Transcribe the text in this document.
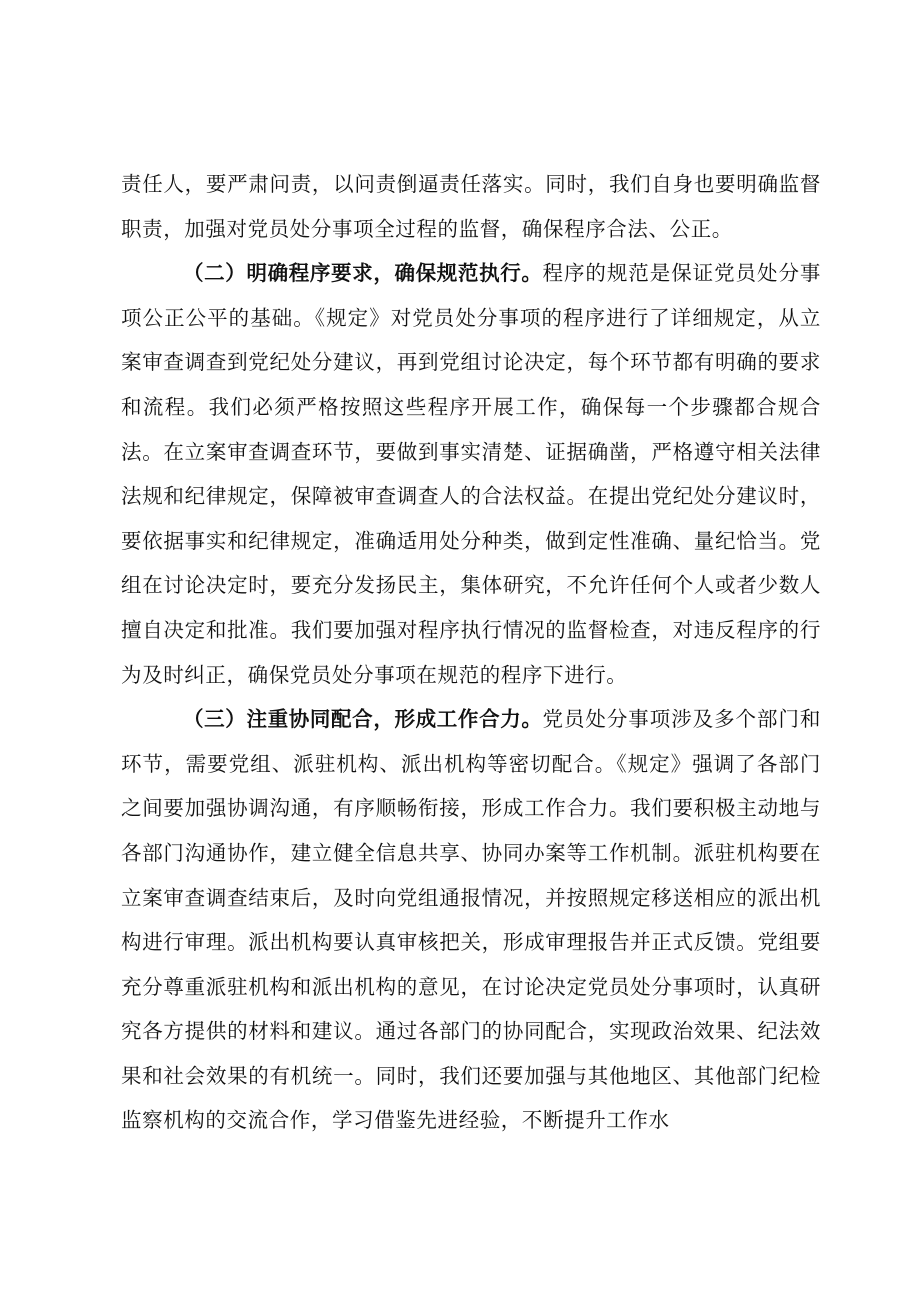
责任人，要严肃问责，以问责倒逼责任落实。同时，我们自身也要明确监督职责，加强对党员处分事项全过程的监督，确保程序合法、公正。

（二）明确程序要求，确保规范执行。程序的规范是保证党员处分事项公正公平的基础。《规定》对党员处分事项的程序进行了详细规定，从立案审查调查到党纪处分建议，再到党组讨论决定，每个环节都有明确的要求和流程。我们必须严格按照这些程序开展工作，确保每一个步骤都合规合法。在立案审查调查环节，要做到事实清楚、证据确凿，严格遵守相关法律法规和纪律规定，保障被审查调查人的合法权益。在提出党纪处分建议时，要依据事实和纪律规定，准确适用处分种类，做到定性准确、量纪恰当。党组在讨论决定时，要充分发扬民主，集体研究，不允许任何个人或者少数人擅自决定和批准。我们要加强对程序执行情况的监督检查，对违反程序的行为及时纠正，确保党员处分事项在规范的程序下进行。

（三）注重协同配合，形成工作合力。党员处分事项涉及多个部门和环节，需要党组、派驻机构、派出机构等密切配合。《规定》强调了各部门之间要加强协调沟通，有序顺畅衔接，形成工作合力。我们要积极主动地与各部门沟通协作，建立健全信息共享、协同办案等工作机制。派驻机构要在立案审查调查结束后，及时向党组通报情况，并按照规定移送相应的派出机构进行审理。派出机构要认真审核把关，形成审理报告并正式反馈。党组要充分尊重派驻机构和派出机构的意见，在讨论决定党员处分事项时，认真研究各方提供的材料和建议。通过各部门的协同配合，实现政治效果、纪法效果和社会效果的有机统一。同时，我们还要加强与其他地区、其他部门纪检监察机构的交流合作，学习借鉴先进经验，不断提升工作水
